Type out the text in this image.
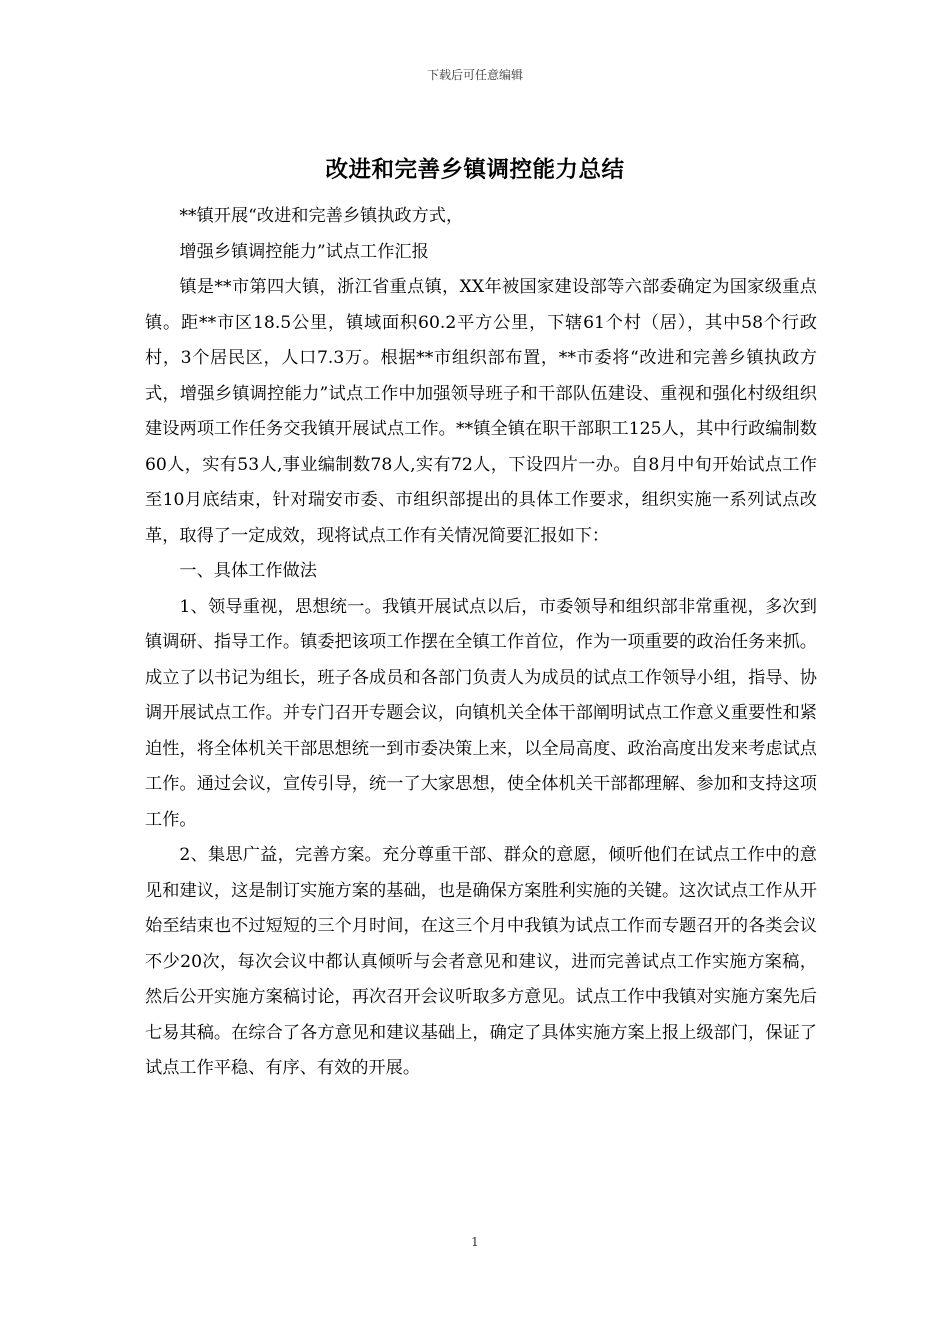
下载后可任意编辑
改进和完善乡镇调控能力总结

**镇开展“改进和完善乡镇执政方式，

增强乡镇调控能力”试点工作汇报

镇是**市第四大镇，浙江省重点镇，XX年被国家建设部等六部委确定为国家级重点镇。距**市区18.5公里，镇域面积60.2平方公里，下辖61个村（居），其中58个行政村，3个居民区，人口7.3万。根据**市组织部布置，**市委将“改进和完善乡镇执政方式，增强乡镇调控能力”试点工作中加强领导班子和干部队伍建设、重视和强化村级组织建设两项工作任务交我镇开展试点工作。**镇全镇在职干部职工125人，其中行政编制数60人，实有53人,事业编制数78人,实有72人，下设四片一办。自8月中旬开始试点工作至10月底结束，针对瑞安市委、市组织部提出的具体工作要求，组织实施一系列试点改革，取得了一定成效，现将试点工作有关情况简要汇报如下：

一、具体工作做法

1、领导重视，思想统一。我镇开展试点以后，市委领导和组织部非常重视，多次到镇调研、指导工作。镇委把该项工作摆在全镇工作首位，作为一项重要的政治任务来抓。成立了以书记为组长，班子各成员和各部门负责人为成员的试点工作领导小组，指导、协调开展试点工作。并专门召开专题会议，向镇机关全体干部阐明试点工作意义重要性和紧迫性，将全体机关干部思想统一到市委决策上来，以全局高度、政治高度出发来考虑试点工作。通过会议，宣传引导，统一了大家思想，使全体机关干部都理解、参加和支持这项工作。

2、集思广益，完善方案。充分尊重干部、群众的意愿，倾听他们在试点工作中的意见和建议，这是制订实施方案的基础，也是确保方案胜利实施的关键。这次试点工作从开始至结束也不过短短的三个月时间，在这三个月中我镇为试点工作而专题召开的各类会议不少20次，每次会议中都认真倾听与会者意见和建议，进而完善试点工作实施方案稿，然后公开实施方案稿讨论，再次召开会议听取多方意见。试点工作中我镇对实施方案先后七易其稿。在综合了各方意见和建议基础上，确定了具体实施方案上报上级部门，保证了试点工作平稳、有序、有效的开展。

1
